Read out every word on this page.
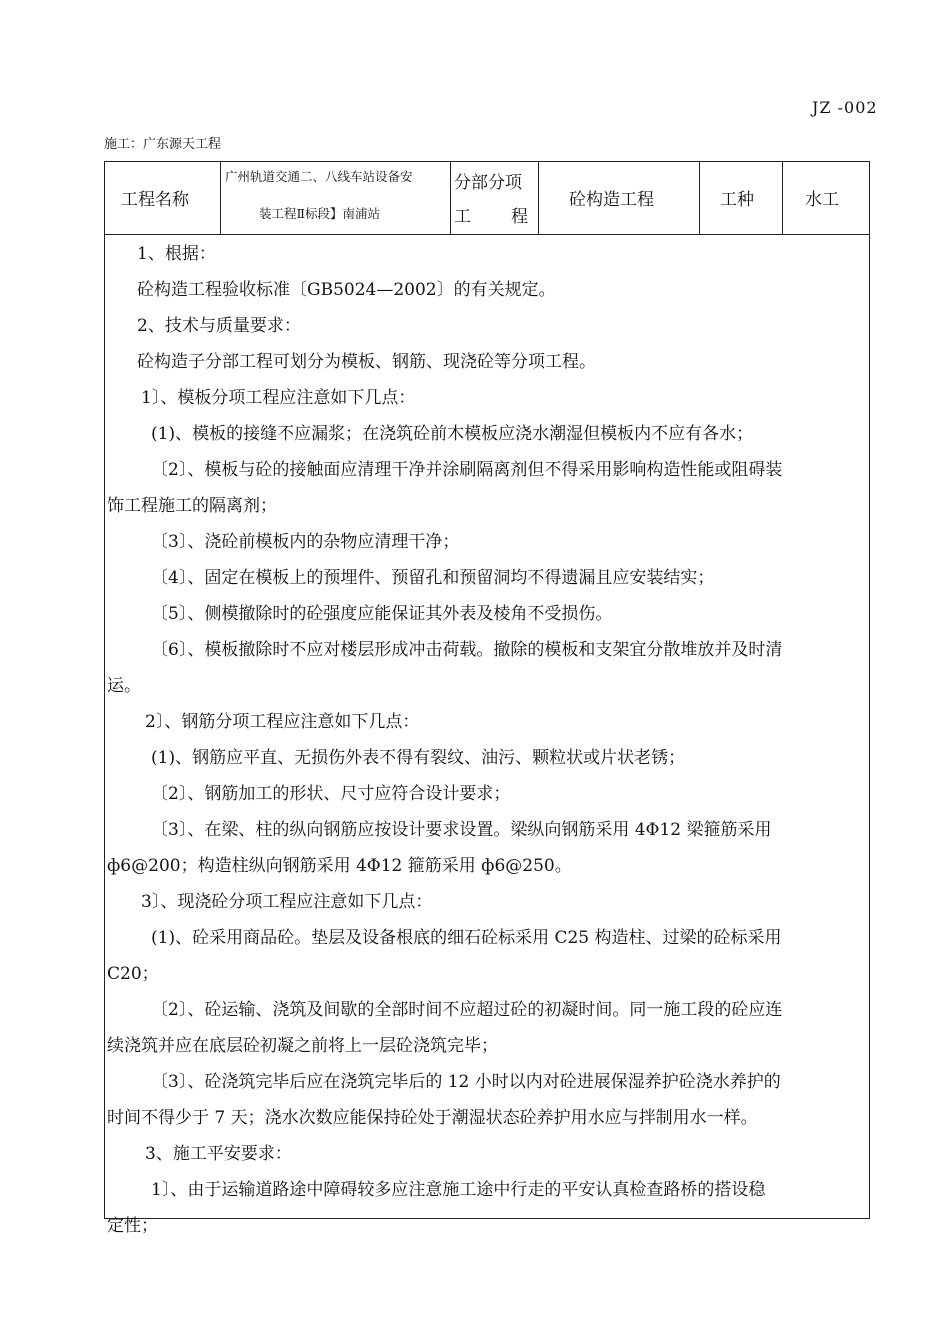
JZ -002
施工：广东源天工程
工程名称
广州轨道交通二、八线车站设备安
装工程Ⅱ标段】南浦站
分部分项
工 程
砼构造工程	工种	水工
1、根据：
砼构造工程验收标准〔GB5024—2002〕的有关规定。
2、技术与质量要求：
砼构造子分部工程可划分为模板、钢筋、现浇砼等分项工程。
1〕、模板分项工程应注意如下几点：
(1)、模板的接缝不应漏浆；在浇筑砼前木模板应浇水潮湿但模板内不应有各水；
〔2〕、模板与砼的接触面应清理干净并涂刷隔离剂但不得采用影响构造性能或阻碍装
饰工程施工的隔离剂；
〔3〕、浇砼前模板内的杂物应清理干净；
〔4〕、固定在模板上的预埋件、预留孔和预留洞均不得遗漏且应安装结实；
〔5〕、侧模撤除时的砼强度应能保证其外表及棱角不受损伤。
〔6〕、模板撤除时不应对楼层形成冲击荷载。撤除的模板和支架宜分散堆放并及时清
运。
2〕、钢筋分项工程应注意如下几点：
(1)、钢筋应平直、无损伤外表不得有裂纹、油污、颗粒状或片状老锈；
〔2〕、钢筋加工的形状、尺寸应符合设计要求；
〔3〕、在梁、柱的纵向钢筋应按设计要求设置。梁纵向钢筋采用 4Φ12 梁箍筋采用
ф6@200；构造柱纵向钢筋采用 4Φ12 箍筋采用 ф6@250。
3〕、现浇砼分项工程应注意如下几点：
(1)、砼采用商品砼。垫层及设备根底的细石砼标采用 C25 构造柱、过梁的砼标采用
C20；
〔2〕、砼运输、浇筑及间歇的全部时间不应超过砼的初凝时间。同一施工段的砼应连
续浇筑并应在底层砼初凝之前将上一层砼浇筑完毕；
〔3〕、砼浇筑完毕后应在浇筑完毕后的 12 小时以内对砼进展保湿养护砼浇水养护的
时间不得少于 7 天；浇水次数应能保持砼处于潮湿状态砼养护用水应与拌制用水一样。
3、施工平安要求：
1〕、由于运输道路途中障碍较多应注意施工途中行走的平安认真检查路桥的搭设稳
定性；
